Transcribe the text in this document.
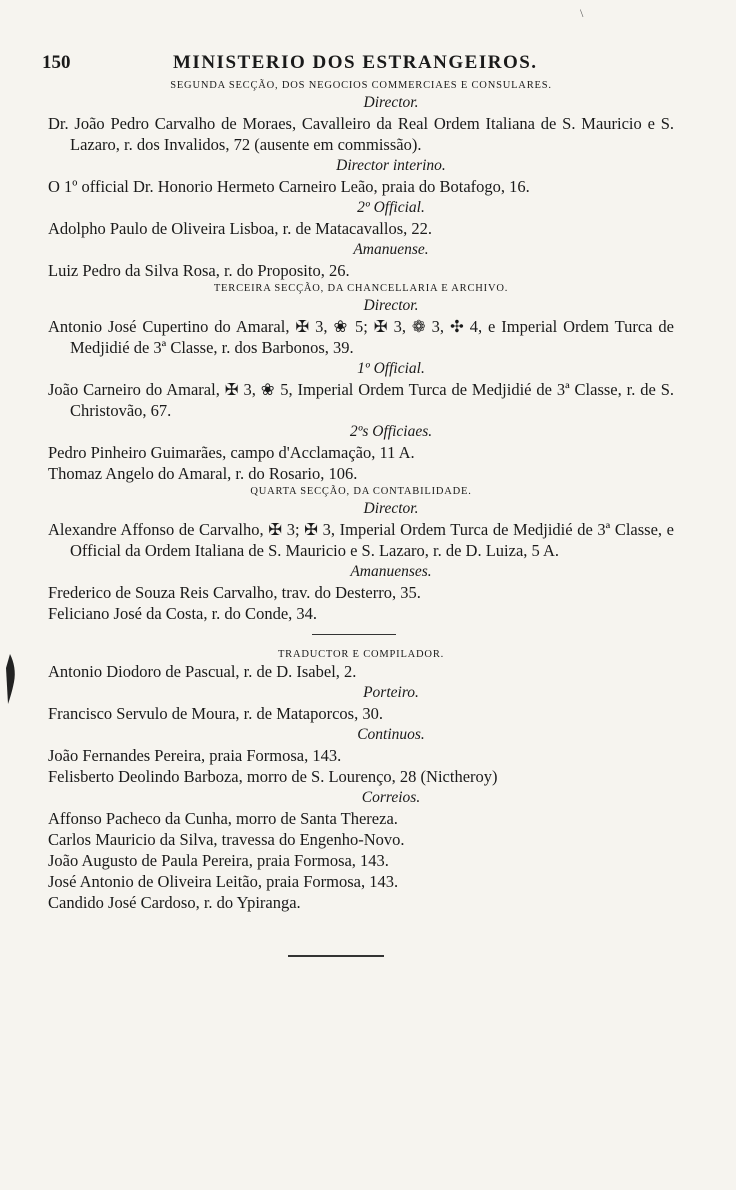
\
150	MINISTERIO DOS ESTRANGEIROS.
SEGUNDA SECÇÃO, DOS NEGOCIOS COMMERCIAES E CONSULARES.
Director.
Dr. João Pedro Carvalho de Moraes, Cavalleiro da Real Ordem Italiana de S. Mauricio e S. Lazaro, r. dos Invalidos, 72 (ausente em commissão).
Director interino.
O 1º official Dr. Honorio Hermeto Carneiro Leão, praia do Botafogo, 16.
2º Official.
Adolpho Paulo de Oliveira Lisboa, r. de Matacavallos, 22.
Amanuense.
Luiz Pedro da Silva Rosa, r. do Proposito, 26.
TERCEIRA SECÇÃO, DA CHANCELLARIA E ARCHIVO.
Director.
Antonio José Cupertino do Amaral, ✠ 3, ❀ 5; ✠ 3, ❁ 3, ✣ 4, e Imperial Ordem Turca de Medjidié de 3ª Classe, r. dos Barbonos, 39.
1º Official.
João Carneiro do Amaral, ✠ 3, ❀ 5, Imperial Ordem Turca de Medjidié de 3ª Classe, r. de S. Christovão, 67.
2ºs Officiaes.
Pedro Pinheiro Guimarães, campo d'Acclamação, 11 A.
Thomaz Angelo do Amaral, r. do Rosario, 106.
QUARTA SECÇÃO, DA CONTABILIDADE.
Director.
Alexandre Affonso de Carvalho, ✠ 3; ✠ 3, Imperial Ordem Turca de Medjidié de 3ª Classe, e Official da Ordem Italiana de S. Mauricio e S. Lazaro, r. de D. Luiza, 5 A.
Amanuenses.
Frederico de Souza Reis Carvalho, trav. do Desterro, 35.
Feliciano José da Costa, r. do Conde, 34.
TRADUCTOR E COMPILADOR.
Antonio Diodoro de Pascual, r. de D. Isabel, 2.
Porteiro.
Francisco Servulo de Moura, r. de Mataporcos, 30.
Continuos.
João Fernandes Pereira, praia Formosa, 143.
Felisberto Deolindo Barboza, morro de S. Lourenço, 28 (Nictheroy)
Correios.
Affonso Pacheco da Cunha, morro de Santa Thereza.
Carlos Mauricio da Silva, travessa do Engenho-Novo.
João Augusto de Paula Pereira, praia Formosa, 143.
José Antonio de Oliveira Leitão, praia Formosa, 143.
Candido José Cardoso, r. do Ypiranga.
